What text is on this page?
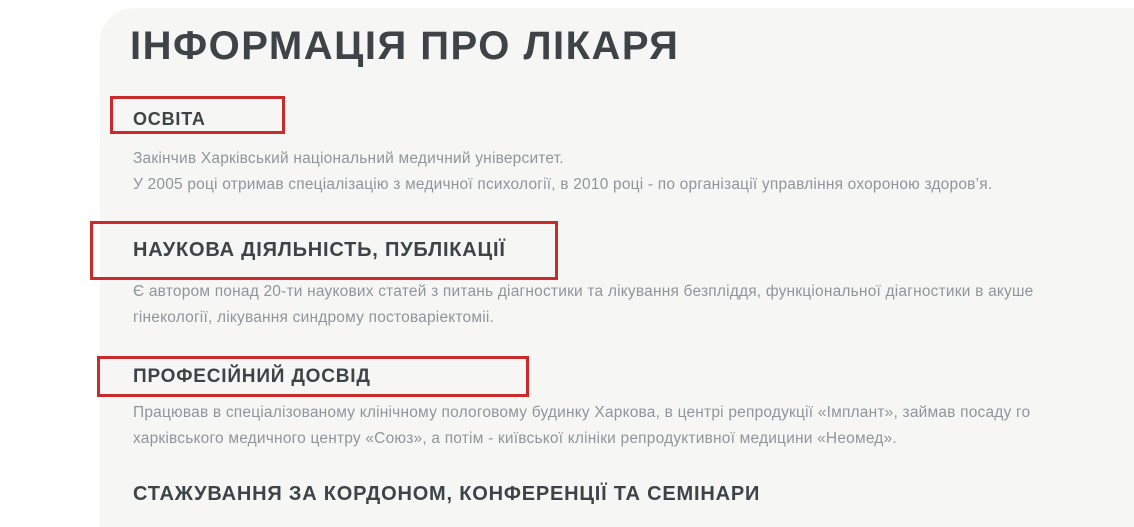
ІНФОРМАЦІЯ ПРО ЛІКАРЯ
ОСВІТА
Закінчив Харківський національний медичний університет.
У 2005 році отримав спеціалізацію з медичної психології, в 2010 році - по організації управління охороною здоров’я.
НАУКОВА ДІЯЛЬНІСТЬ, ПУБЛІКАЦІЇ
Є автором понад 20-ти наукових статей з питань діагностики та лікування безпліддя, функціональної діагностики в акуше
гінекології, лікування синдрому постоваріектоміі.
ПРОФЕСІЙНИЙ ДОСВІД
Працював в спеціалізованому клінічному пологовому будинку Харкова, в центрі репродукції «Імплант», займав посаду го
харківського медичного центру «Союз», а потім - київської клініки репродуктивної медицини «Неомед».
СТАЖУВАННЯ ЗА КОРДОНОМ, КОНФЕРЕНЦІЇ ТА СЕМІНАРИ
